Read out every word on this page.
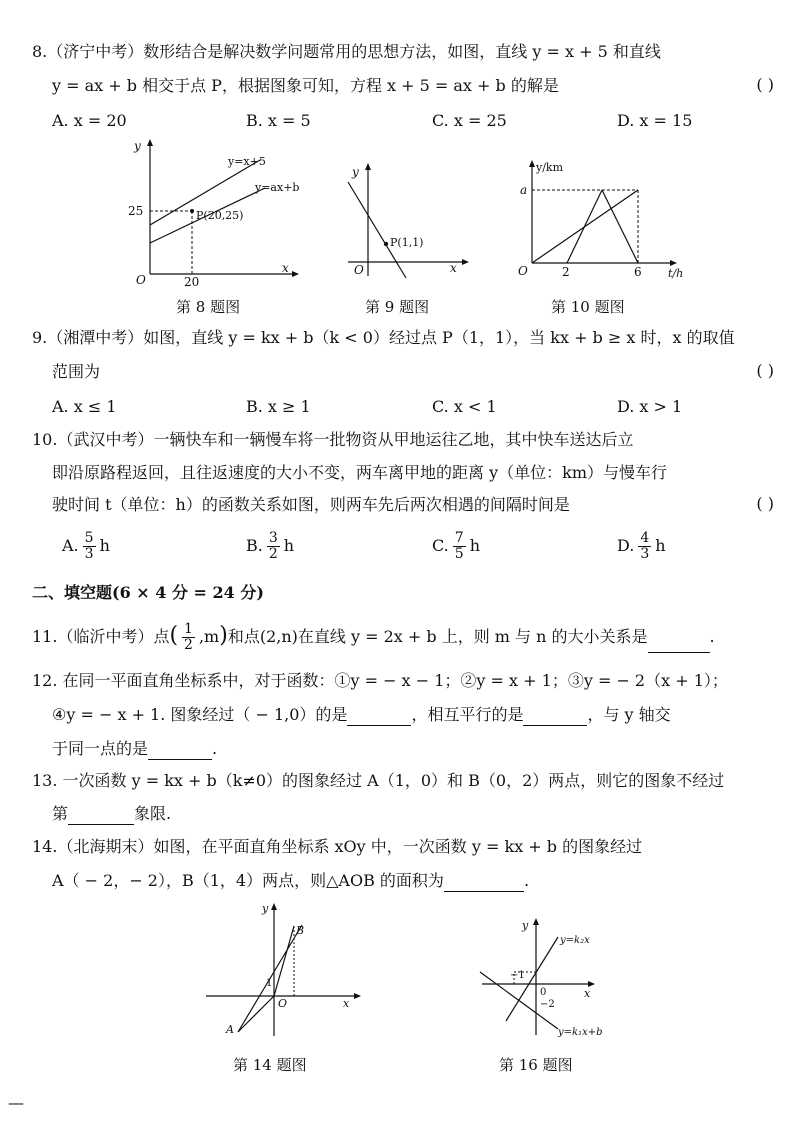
8.（济宁中考）数形结合是解决数学问题常用的思想方法，如图，直线 y = x + 5 和直线
y = ax + b 相交于点 P，根据图象可知，方程 x + 5 = ax + b 的解是	( )
A. x = 20	B. x = 5	C. x = 25	D. x = 15
y
x
O
y=x+5
y=ax+b
P(20,25)
25
20
第 8 题图
y
x
O
P(1,1)
第 9 题图
y/km
t/h
O
a
2	6
第 10 题图
9.（湘潭中考）如图，直线 y = kx + b（k < 0）经过点 P（1，1），当 kx + b ≥ x 时，x 的取值
范围为	( )
A. x ≤ 1	B. x ≥ 1	C. x < 1	D. x > 1
10.（武汉中考）一辆快车和一辆慢车将一批物资从甲地运往乙地，其中快车送达后立
即沿原路程返回，且往返速度的大小不变，两车离甲地的距离 y（单位：km）与慢车行
驶时间 t（单位：h）的函数关系如图，则两车先后两次相遇的间隔时间是	( )
A. $\frac{5}{3}$ h	B. $\frac{3}{2}$ h	C. $\frac{7}{5}$ h	D. $\frac{4}{3}$ h
二、填空题(6 × 4 分 = 24 分)
11.（临沂中考）点( $\frac{1}{2} ,m$)和点(2,n)在直线 y = 2x + b 上，则 m 与 n 的大小关系是	.
12. 在同一平面直角坐标系中，对于函数：①y = − x − 1；②y = x + 1；③y = − 2（x + 1）；
④y = − x + 1. 图象经过（ − 1,0）的是	，相互平行的是	，与 y 轴交
于同一点的是	.
13. 一次函数 y = kx + b（k≠0）的图象经过 A（1，0）和 B（0，2）两点，则它的图象不经过
第	象限.
14.（北海期末）如图，在平面直角坐标系 xOy 中，一次函数 y = kx + b 的图象经过
A（ − 2，− 2），B（1，4）两点，则△AOB 的面积为	.
y
x
O
1
A
B
第 14 题图
y
x
0
y=k₂x
y=k₁x+b
−1
−2
第 16 题图
—
